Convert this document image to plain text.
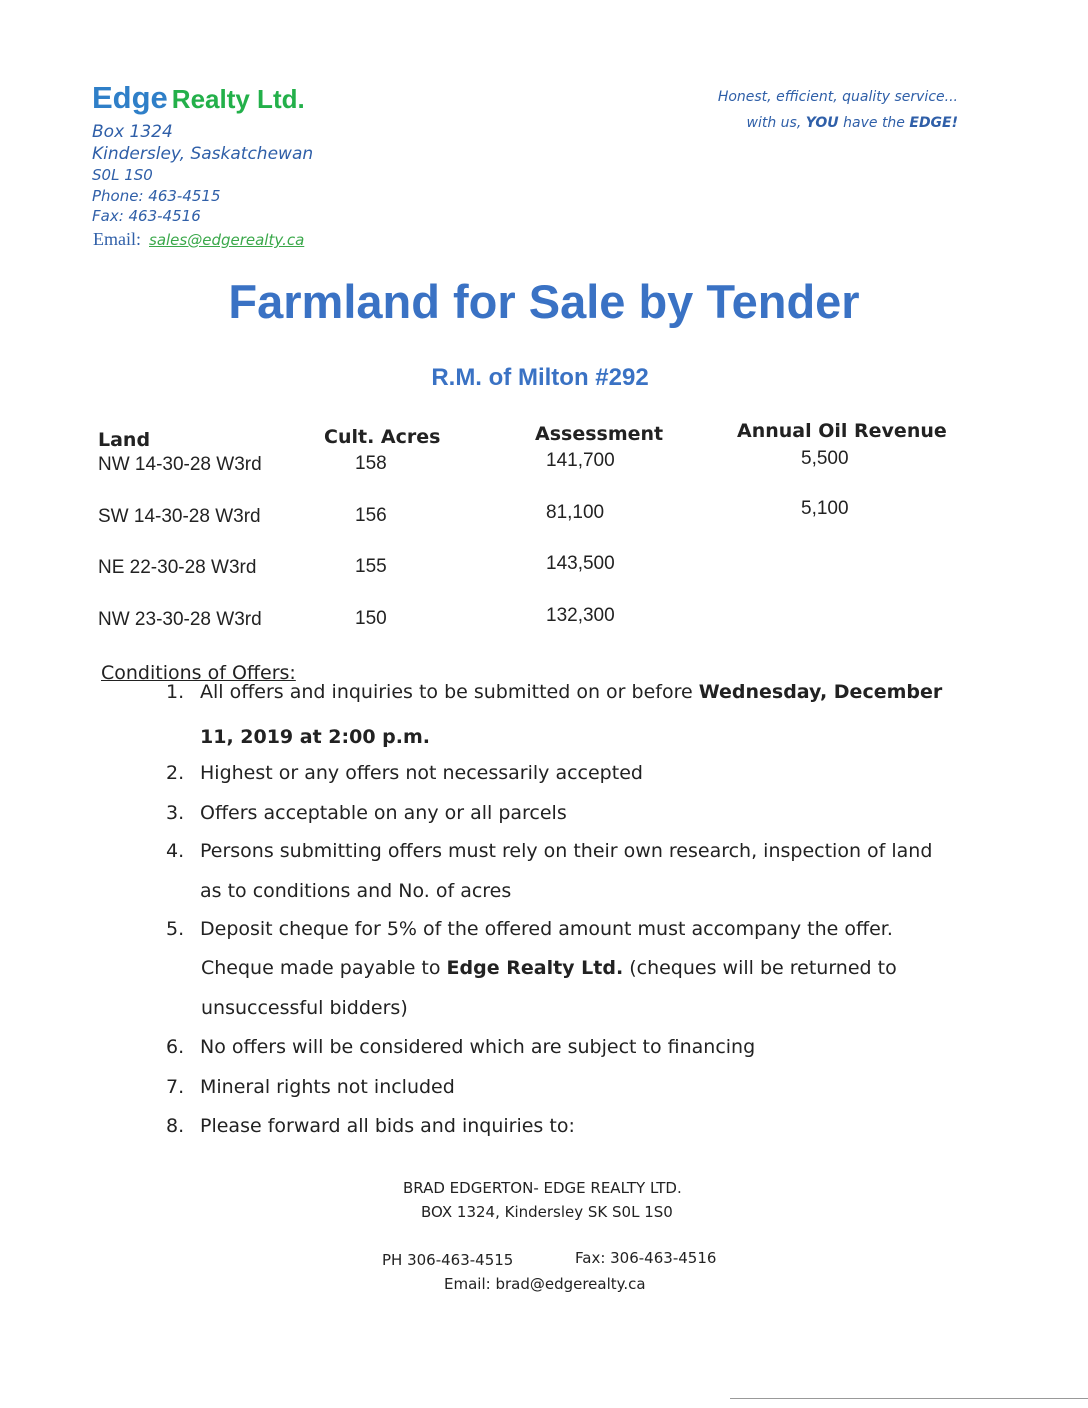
Edge Realty Ltd.
Box 1324
Kindersley, Saskatchewan
S0L 1S0
Phone: 463-4515
Fax: 463-4516
Email: sales@edgerealty.ca
Honest, efficient, quality service...
with us, YOU have the EDGE!
Farmland for Sale by Tender
R.M. of Milton #292
Land	Cult. Acres	Assessment	Annual Oil Revenue
NW 14-30-28 W3rd	158	141,700	5,500
SW 14-30-28 W3rd	156	81,100	5,100
NE 22-30-28 W3rd	155	143,500
NW 23-30-28 W3rd	150	132,300
Conditions of Offers:
1. All offers and inquiries to be submitted on or before Wednesday, December
11, 2019 at 2:00 p.m.
2. Highest or any offers not necessarily accepted
3. Offers acceptable on any or all parcels
4. Persons submitting offers must rely on their own research, inspection of land
as to conditions and No. of acres
5. Deposit cheque for 5% of the offered amount must accompany the offer.
Cheque made payable to Edge Realty Ltd. (cheques will be returned to
unsuccessful bidders)
6. No offers will be considered which are subject to financing
7. Mineral rights not included
8. Please forward all bids and inquiries to:
BRAD EDGERTON- EDGE REALTY LTD.
BOX 1324, Kindersley SK S0L 1S0
PH 306-463-4515	Fax: 306-463-4516
Email: brad@edgerealty.ca
